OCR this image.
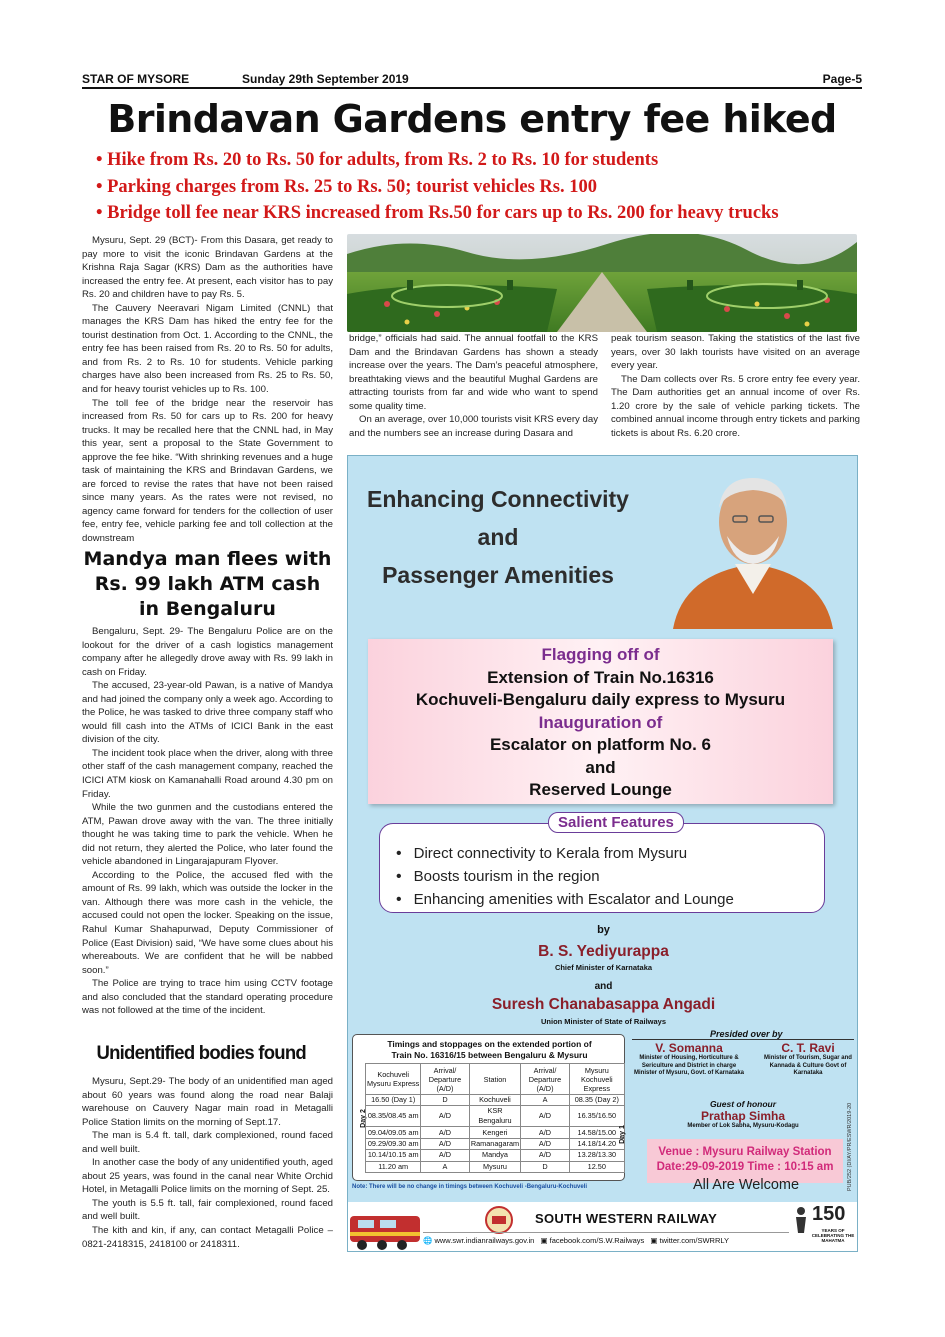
STAR OF MYSORE	Sunday 29th September 2019	Page-5
Brindavan Gardens entry fee hiked
• Hike from Rs. 20 to Rs. 50 for adults, from Rs. 2 to Rs. 10 for students
• Parking charges from Rs. 25 to Rs. 50; tourist vehicles Rs. 100
• Bridge toll fee near KRS increased from Rs.50 for cars up to Rs. 200 for heavy trucks

Mysuru, Sept. 29 (BCT)- From this Dasara, get ready to pay more to visit the iconic Brindavan Gardens at the Krishna Raja Sagar (KRS) Dam as the authorities have increased the entry fee. At present, each visitor has to pay Rs. 20 and children have to pay Rs. 5.

The Cauvery Neeravari Nigam Limited (CNNL) that manages the KRS Dam has hiked the entry fee for the tourist destination from Oct. 1. According to the CNNL, the entry fee has been raised from Rs. 20 to Rs. 50 for adults, and from Rs. 2 to Rs. 10 for students. Vehicle parking charges have also been increased from Rs. 25 to Rs. 50, and for heavy tourist vehicles up to Rs. 100.

The toll fee of the bridge near the reservoir has increased from Rs. 50 for cars up to Rs. 200 for heavy trucks. It may be recalled here that the CNNL had, in May this year, sent a proposal to the State Government to approve the fee hike. “With shrinking revenues and a huge task of maintaining the KRS and Brindavan Gardens, we are forced to revise the rates that have not been raised since many years. As the rates were not revised, no agency came forward for tenders for the collection of user fee, entry fee, vehicle parking fee and toll collection at the downstream

bridge,” officials had said. The annual footfall to the KRS Dam and the Brindavan Gardens has shown a steady increase over the years. The Dam’s peaceful atmosphere, breathtaking views and the beautiful Mughal Gardens are attracting tourists from far and wide who want to spend some quality time.

On an average, over 10,000 tourists visit KRS every day and the numbers see an increase during Dasara and

peak tourism season. Taking the statistics of the last five years, over 30 lakh tourists have visited on an average every year.

The Dam collects over Rs. 5 crore entry fee every year. The Dam authorities get an annual income of over Rs. 1.20 crore by the sale of vehicle parking tickets. The combined annual income through entry tickets and parking tickets is about Rs. 6.20 crore.

Mandya man flees with Rs. 99 lakh ATM cash in Bengaluru

Bengaluru, Sept. 29- The Bengaluru Police are on the lookout for the driver of a cash logistics management company after he allegedly drove away with Rs. 99 lakh in cash on Friday.

The accused, 23-year-old Pawan, is a native of Mandya and had joined the company only a week ago. According to the Police, he was tasked to drive three company staff who would fill cash into the ATMs of ICICI Bank in the east division of the city.

The incident took place when the driver, along with three other staff of the cash management company, reached the ICICI ATM kiosk on Kamanahalli Road around 4.30 pm on Friday.

While the two gunmen and the custodians entered the ATM, Pawan drove away with the van. The three initially thought he was taking time to park the vehicle. When he did not return, they alerted the Police, who later found the vehicle abandoned in Lingarajapuram Flyover.

According to the Police, the accused fled with the amount of Rs. 99 lakh, which was outside the locker in the van. Although there was more cash in the vehicle, the accused could not open the locker. Speaking on the issue, Rahul Kumar Shahapurwad, Deputy Commissioner of Police (East Division) said, “We have some clues about his whereabouts. We are confident that he will be nabbed soon.”

The Police are trying to trace him using CCTV footage and also concluded that the standard operating procedure was not followed at the time of the incident.

Unidentified bodies found

Mysuru, Sept.29- The body of an unidentified man aged about 60 years was found along the road near Balaji warehouse on Cauvery Nagar main road in Metagalli Police Station limits on the morning of Sept.17.

The man is 5.4 ft. tall, dark complexioned, round faced and well built.

In another case the body of any unidentified youth, aged about 25 years, was found in the canal near White Orchid Hotel, in Metagalli Police limits on the morning of Sept. 25.

The youth is 5.5 ft. tall, fair complexioned, round faced and well built.

The kith and kin, if any, can contact Metagalli Police – 0821-2418315, 2418100 or 2418311.

Enhancing Connectivity
and
Passenger Amenities
Flagging off of
Extension of Train No.16316
Kochuveli-Bengaluru daily express to Mysuru
Inauguration of
Escalator on platform No. 6
and
Reserved Lounge
Salient Features
• Direct connectivity to Kerala from Mysuru
• Boosts tourism in the region
• Enhancing amenities with Escalator and Lounge
by
B. S. Yediyurappa
Chief Minister of Karnataka
and
Suresh Chanabasappa Angadi
Union Minister of State of Railways
Timings and stoppages on the extended portion of
Train No. 16316/15 between Bengaluru & Mysuru
Day 2
Kochuveli Mysuru Express	Arrival/ Departure (A/D)	Station	Arrival/ Departure (A/D)	Mysuru Kochuveli Express
16.50 (Day 1)	D	Kochuveli	A	08.35 (Day 2)
08.35/08.45 am	A/D	KSR Bengaluru	A/D	16.35/16.50
09.04/09.05 am	A/D	Kengeri	A/D	14.58/15.00
09.29/09.30 am	A/D	Ramanagaram	A/D	14.18/14.20
10.14/10.15 am	A/D	Mandya	A/D	13.28/13.30
11.20 am	A	Mysuru	D	12.50
Day 1
Note: There will be no change in timings between Kochuveli -Bengaluru-Kochuveli
Presided over by
V. Somanna
Minister of Housing, Horticulture & Sericulture and District in charge Minister of Mysuru, Govt. of Karnataka
C. T. Ravi
Minister of Tourism, Sugar and Kannada & Culture Govt of Karnataka
Guest of honour
Prathap Simha
Member of Lok Sabha, Mysuru-Kodagu
Venue : Mysuru Railway Station
Date:29-09-2019 Time : 10:15 am	PUB/252 (DI/AY/PR/ESWR/2019-20
All Are Welcome
SOUTH WESTERN RAILWAY
🌐 www.swr.indianrailways.gov.in ▣ facebook.com/S.W.Railways ▣ twitter.com/SWRRLY
150
YEARS OF CELEBRATING THE MAHATMA
